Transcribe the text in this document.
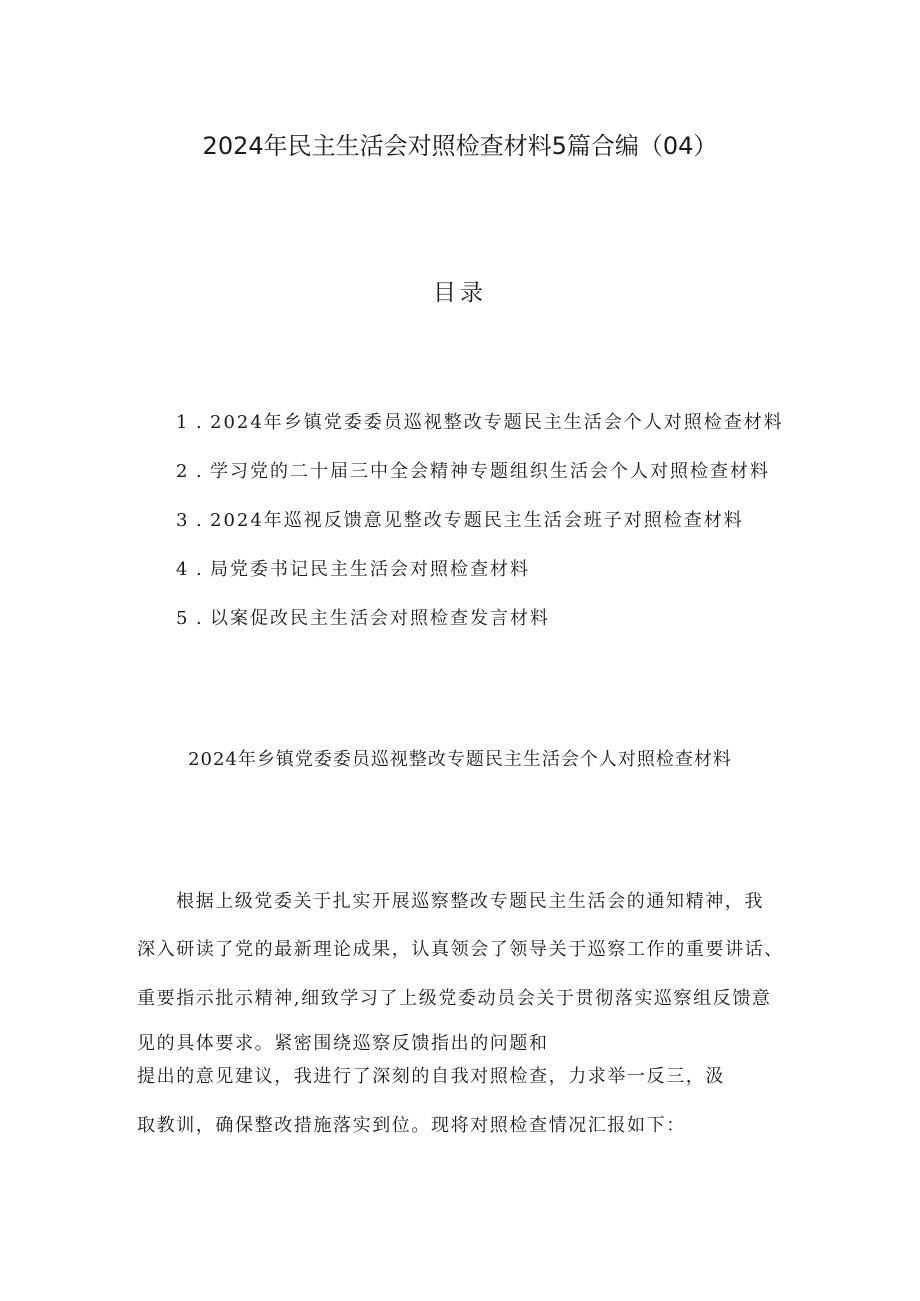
2024年民主生活会对照检查材料5篇合编（04）
目录
1 . 2024年乡镇党委委员巡视整改专题民主生活会个人对照检查材料
2 . 学习党的二十届三中全会精神专题组织生活会个人对照检查材料
3 . 2024年巡视反馈意见整改专题民主生活会班子对照检查材料
4 . 局党委书记民主生活会对照检查材料
5 . 以案促改民主生活会对照检查发言材料
2024年乡镇党委委员巡视整改专题民主生活会个人对照检查材料
根据上级党委关于扎实开展巡察整改专题民主生活会的通知精神，我
深入研读了党的最新理论成果，认真领会了领导关于巡察工作的重要讲话、
重要指示批示精神,细致学习了上级党委动员会关于贯彻落实巡察组反馈意
见的具体要求。紧密围绕巡察反馈指出的问题和
提出的意见建议，我进行了深刻的自我对照检查，力求举一反三，汲
取教训，确保整改措施落实到位。现将对照检查情况汇报如下：
